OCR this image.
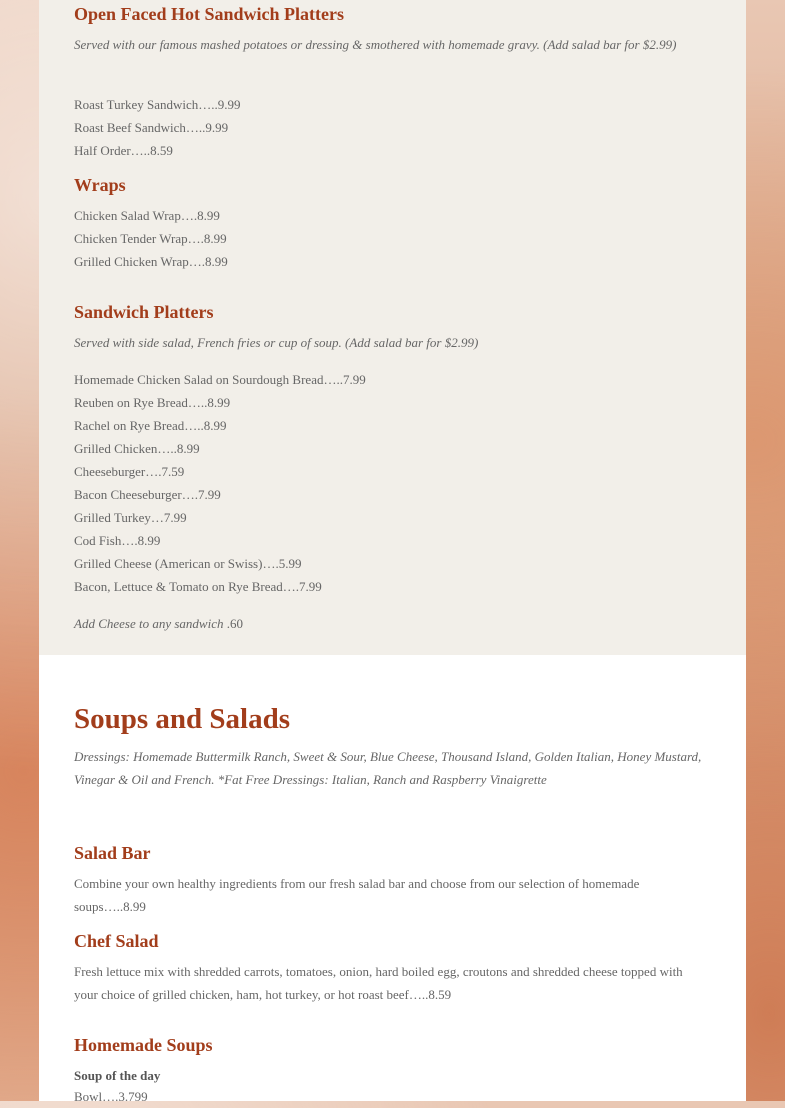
Open Faced Hot Sandwich Platters
Served with our famous mashed potatoes or dressing & smothered with homemade gravy. (Add salad bar for $2.99)
Roast Turkey Sandwich…..9.99
Roast Beef Sandwich…..9.99
Half Order…..8.59
Wraps
Chicken Salad Wrap….8.99
Chicken Tender Wrap….8.99
Grilled Chicken Wrap….8.99
Sandwich Platters
Served with side salad, French fries or cup of soup. (Add salad bar for $2.99)
Homemade Chicken Salad on Sourdough Bread…..7.99
Reuben on Rye Bread…..8.99
Rachel on Rye Bread…..8.99
Grilled Chicken…..8.99
Cheeseburger….7.59
Bacon Cheeseburger….7.99
Grilled Turkey…7.99
Cod Fish….8.99
Grilled Cheese (American or Swiss)….5.99
Bacon, Lettuce & Tomato on Rye Bread….7.99
Add Cheese to any sandwich .60
Soups and Salads
Dressings: Homemade Buttermilk Ranch, Sweet & Sour, Blue Cheese, Thousand Island, Golden Italian, Honey Mustard,
Vinegar & Oil and French. *Fat Free Dressings: Italian, Ranch and Raspberry Vinaigrette
Salad Bar
Combine your own healthy ingredients from our fresh salad bar and choose from our selection of homemade soups…..8.99
Chef Salad
Fresh lettuce mix with shredded carrots, tomatoes, onion, hard boiled egg, croutons and shredded cheese topped with your choice of grilled chicken, ham, hot turkey, or hot roast beef…..8.59
Homemade Soups
Soup of the day
Bowl….3.799
